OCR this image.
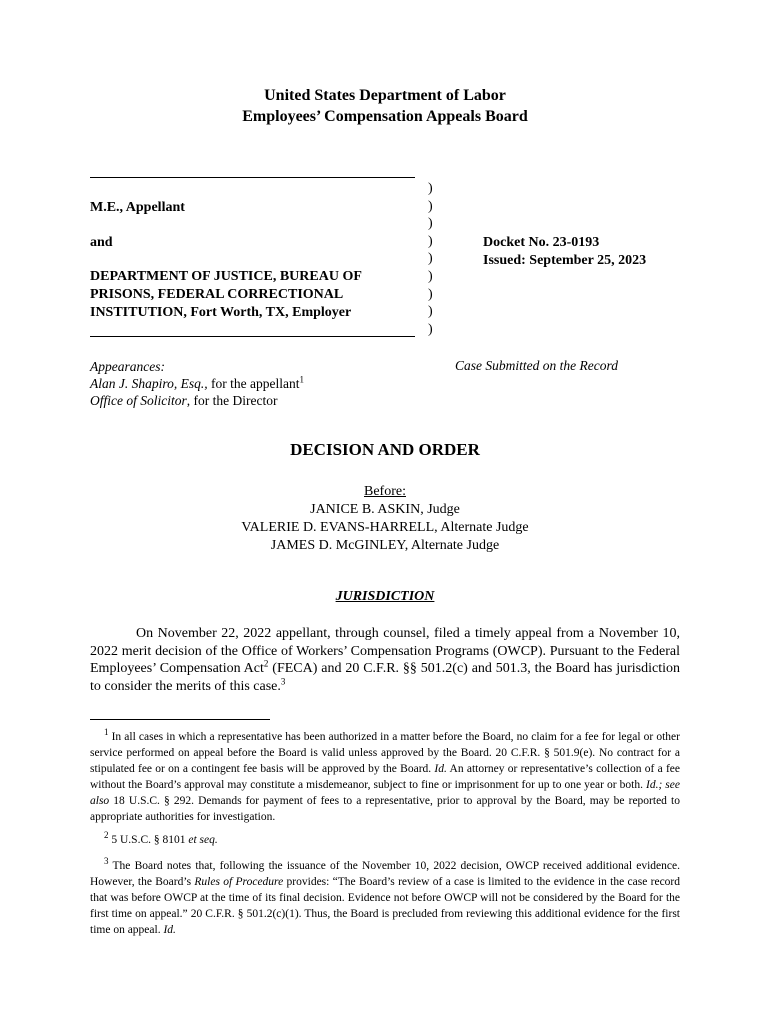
United States Department of Labor
Employees’ Compensation Appeals Board
M.E., Appellant
and
DEPARTMENT OF JUSTICE, BUREAU OF
PRISONS, FEDERAL CORRECTIONAL
INSTITUTION, Fort Worth, TX, Employer
)
)
)
)
)
)
)
)
)
Docket No. 23-0193
Issued: September 25, 2023
Appearances:
Alan J. Shapiro, Esq., for the appellant$^1$
Office of Solicitor, for the Director
Case Submitted on the Record
DECISION AND ORDER
Before:
JANICE B. ASKIN, Judge
VALERIE D. EVANS-HARRELL, Alternate Judge
JAMES D. McGINLEY, Alternate Judge
JURISDICTION
On November 22, 2022 appellant, through counsel, filed a timely appeal from a November 10, 2022 merit decision of the Office of Workers’ Compensation Programs (OWCP). Pursuant to the Federal Employees’ Compensation Act$^2$ (FECA) and 20 C.F.R. §§ 501.2(c) and 501.3, the Board has jurisdiction to consider the merits of this case.$^3$
$^1$ In all cases in which a representative has been authorized in a matter before the Board, no claim for a fee for legal or other service performed on appeal before the Board is valid unless approved by the Board. 20 C.F.R. § 501.9(e). No contract for a stipulated fee or on a contingent fee basis will be approved by the Board. Id. An attorney or representative’s collection of a fee without the Board’s approval may constitute a misdemeanor, subject to fine or imprisonment for up to one year or both. Id.; see also 18 U.S.C. § 292. Demands for payment of fees to a representative, prior to approval by the Board, may be reported to appropriate authorities for investigation.
$^2$ 5 U.S.C. § 8101 et seq.
$^3$ The Board notes that, following the issuance of the November 10, 2022 decision, OWCP received additional evidence. However, the Board’s Rules of Procedure provides: “The Board’s review of a case is limited to the evidence in the case record that was before OWCP at the time of its final decision. Evidence not before OWCP will not be considered by the Board for the first time on appeal.” 20 C.F.R. § 501.2(c)(1). Thus, the Board is precluded from reviewing this additional evidence for the first time on appeal. Id.
